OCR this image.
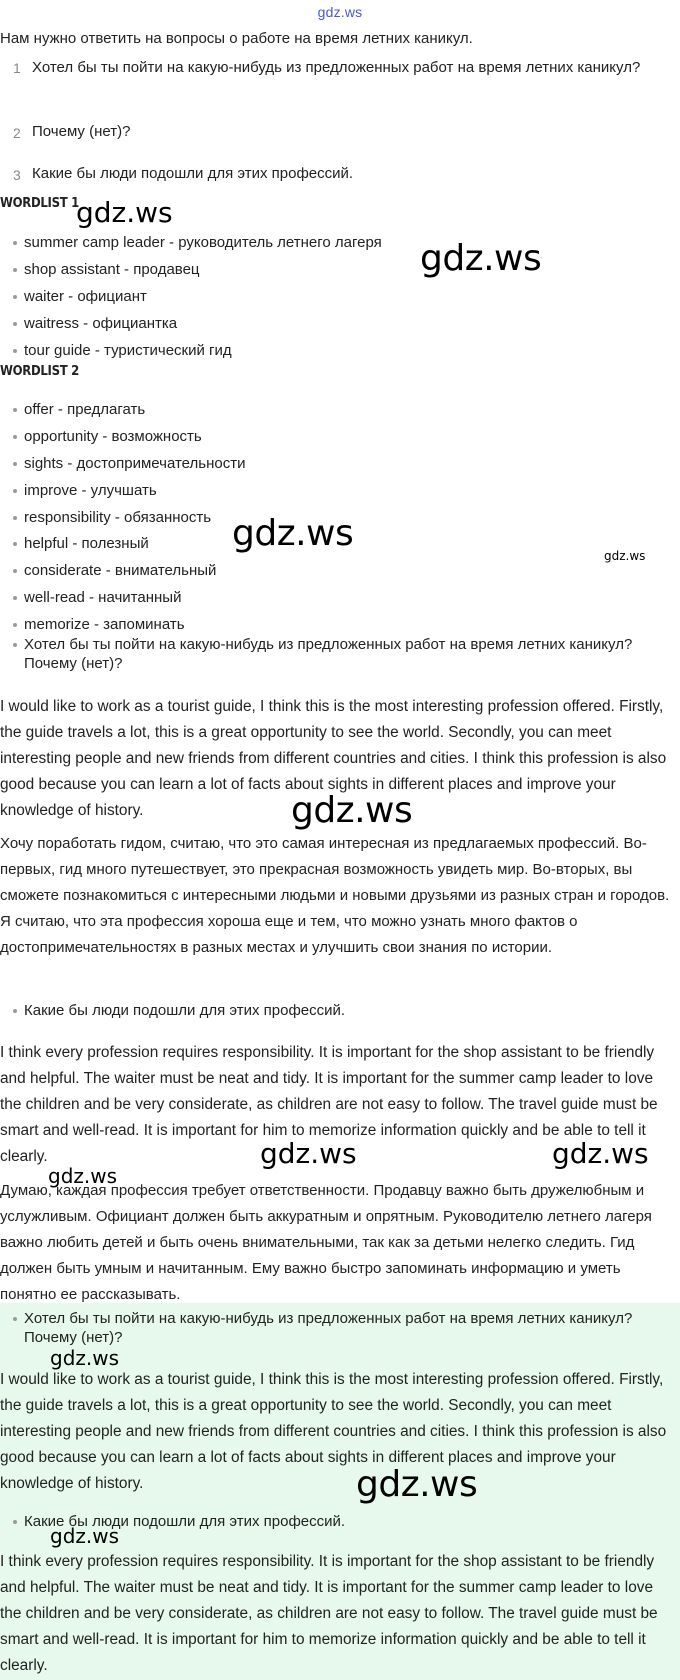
gdz.ws

Нам нужно ответить на вопросы о работе на время летних каникул.

1 Хотел бы ты пойти на какую-нибудь из предложенных работ на время летних каникул?
2 Почему (нет)?
3 Какие бы люди подошли для этих профессий.
WORDLIST 1
summer camp leader - руководитель летнего лагеря
shop assistant - продавец
waiter - официант
waitress - официантка
tour guide - туристический гид
WORDLIST 2
offer - предлагать
opportunity - возможность
sights - достопримечательности
improve - улучшать
responsibility - обязанность
helpful - полезный
considerate - внимательный
well-read - начитанный
memorize - запоминать
Хотел бы ты пойти на какую-нибудь из предложенных работ на время летних каникул? Почему (нет)?
I would like to work as a tourist guide, I think this is the most interesting profession offered. Firstly, the guide travels a lot, this is a great opportunity to see the world. Secondly, you can meet interesting people and new friends from different countries and cities. I think this profession is also good because you can learn a lot of facts about sights in different places and improve your knowledge of history.
Хочу поработать гидом, считаю, что это самая интересная из предлагаемых профессий. Во-первых, гид много путешествует, это прекрасная возможность увидеть мир. Во-вторых, вы сможете познакомиться с интересными людьми и новыми друзьями из разных стран и городов. Я считаю, что эта профессия хороша еще и тем, что можно узнать много фактов о достопримечательностях в разных местах и улучшить свои знания по истории.
Какие бы люди подошли для этих профессий.
I think every profession requires responsibility. It is important for the shop assistant to be friendly and helpful. The waiter must be neat and tidy. It is important for the summer camp leader to love the children and be very considerate, as children are not easy to follow. The travel guide must be smart and well-read. It is important for him to memorize information quickly and be able to tell it clearly.
Думаю, каждая профессия требует ответственности. Продавцу важно быть дружелюбным и услужливым. Официант должен быть аккуратным и опрятным. Руководителю летнего лагеря важно любить детей и быть очень внимательными, так как за детьми нелегко следить. Гид должен быть умным и начитанным. Ему важно быстро запоминать информацию и уметь понятно ее рассказывать.
Хотел бы ты пойти на какую-нибудь из предложенных работ на время летних каникул? Почему (нет)?
I would like to work as a tourist guide, I think this is the most interesting profession offered. Firstly, the guide travels a lot, this is a great opportunity to see the world. Secondly, you can meet interesting people and new friends from different countries and cities. I think this profession is also good because you can learn a lot of facts about sights in different places and improve your knowledge of history.
Какие бы люди подошли для этих профессий.
I think every profession requires responsibility. It is important for the shop assistant to be friendly and helpful. The waiter must be neat and tidy. It is important for the summer camp leader to love the children and be very considerate, as children are not easy to follow. The travel guide must be smart and well-read. It is important for him to memorize information quickly and be able to tell it clearly.
gdz.ws
gdz.ws
gdz.ws
gdz.ws
gdz.ws
gdz.ws	gdz.ws
gdz.ws
gdz.ws
gdz.ws
gdz.ws
